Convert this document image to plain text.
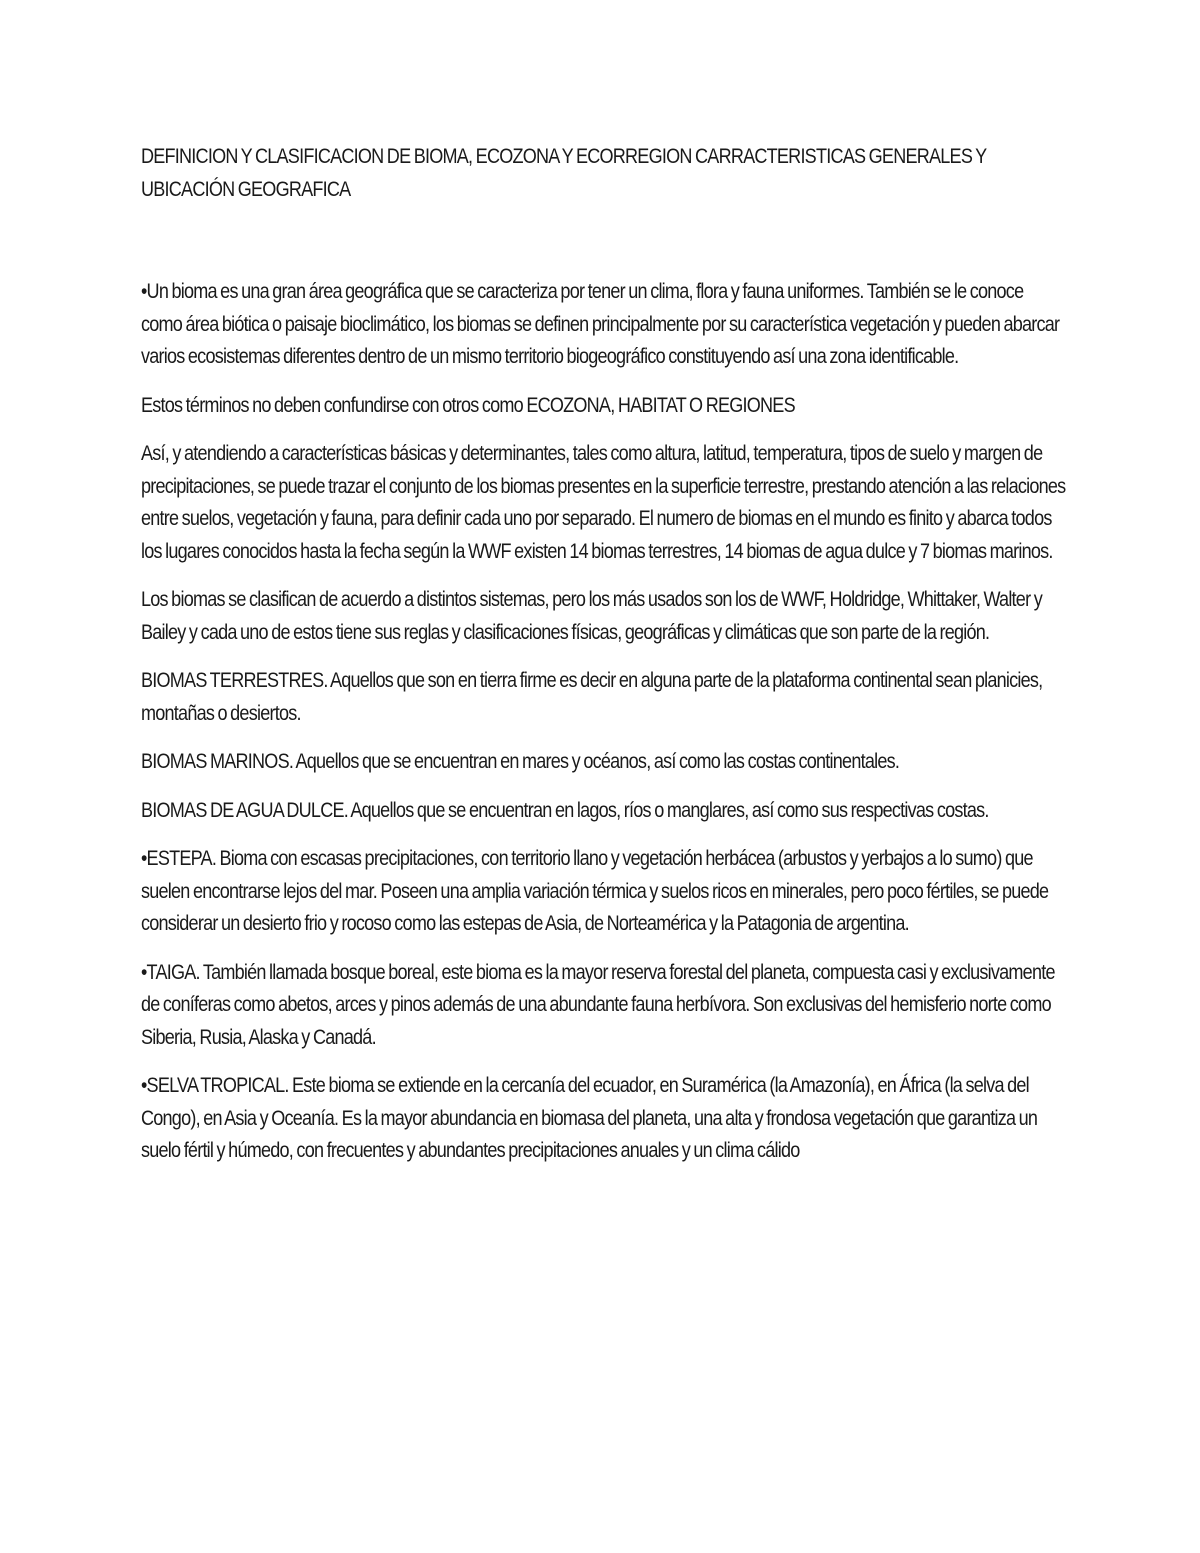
DEFINICION Y CLASIFICACION DE BIOMA, ECOZONA Y ECORREGION CARRACTERISTICAS GENERALES Y UBICACIÓN GEOGRAFICA

•Un bioma es una gran área geográfica que se caracteriza por tener un clima, flora y fauna uniformes. También se le conoce como área biótica o paisaje bioclimático, los biomas se definen principalmente por su característica vegetación y pueden abarcar varios ecosistemas diferentes dentro de un mismo territorio biogeográfico constituyendo así una zona identificable.

Estos términos no deben confundirse con otros como ECOZONA, HABITAT O REGIONES

Así, y atendiendo a características básicas y determinantes, tales como altura, latitud, temperatura, tipos de suelo y margen de precipitaciones, se puede trazar el conjunto de los biomas presentes en la superficie terrestre, prestando atención a las relaciones entre suelos, vegetación y fauna, para definir cada uno por separado. El numero de biomas en el mundo es finito y abarca todos los lugares conocidos hasta la fecha según la WWF existen 14 biomas terrestres, 14 biomas de agua dulce y 7 biomas marinos.

Los biomas se clasifican de acuerdo a distintos sistemas, pero los más usados son los de WWF, Holdridge, Whittaker, Walter y Bailey y cada uno de estos tiene sus reglas y clasificaciones físicas, geográficas y climáticas que son parte de la región.

BIOMAS TERRESTRES. Aquellos que son en tierra firme es decir en alguna parte de la plataforma continental sean planicies, montañas o desiertos.

BIOMAS MARINOS. Aquellos que se encuentran en mares y océanos, así como las costas continentales.

BIOMAS DE AGUA DULCE. Aquellos que se encuentran en lagos, ríos o manglares, así como sus respectivas costas.

•ESTEPA. Bioma con escasas precipitaciones, con territorio llano y vegetación herbácea (arbustos y yerbajos a lo sumo) que suelen encontrarse lejos del mar. Poseen una amplia variación térmica y suelos ricos en minerales, pero poco fértiles, se puede considerar un desierto frio y rocoso como las estepas de Asia, de Norteamérica y la Patagonia de argentina.

•TAIGA. También llamada bosque boreal, este bioma es la mayor reserva forestal del planeta, compuesta casi y exclusivamente de coníferas como abetos, arces y pinos además de una abundante fauna herbívora. Son exclusivas del hemisferio norte como Siberia, Rusia, Alaska y Canadá.

•SELVA TROPICAL. Este bioma se extiende en la cercanía del ecuador, en Suramérica (la Amazonía), en África (la selva del Congo), en Asia y Oceanía. Es la mayor abundancia en biomasa del planeta, una alta y frondosa vegetación que garantiza un suelo fértil y húmedo, con frecuentes y abundantes precipitaciones anuales y un clima cálido
